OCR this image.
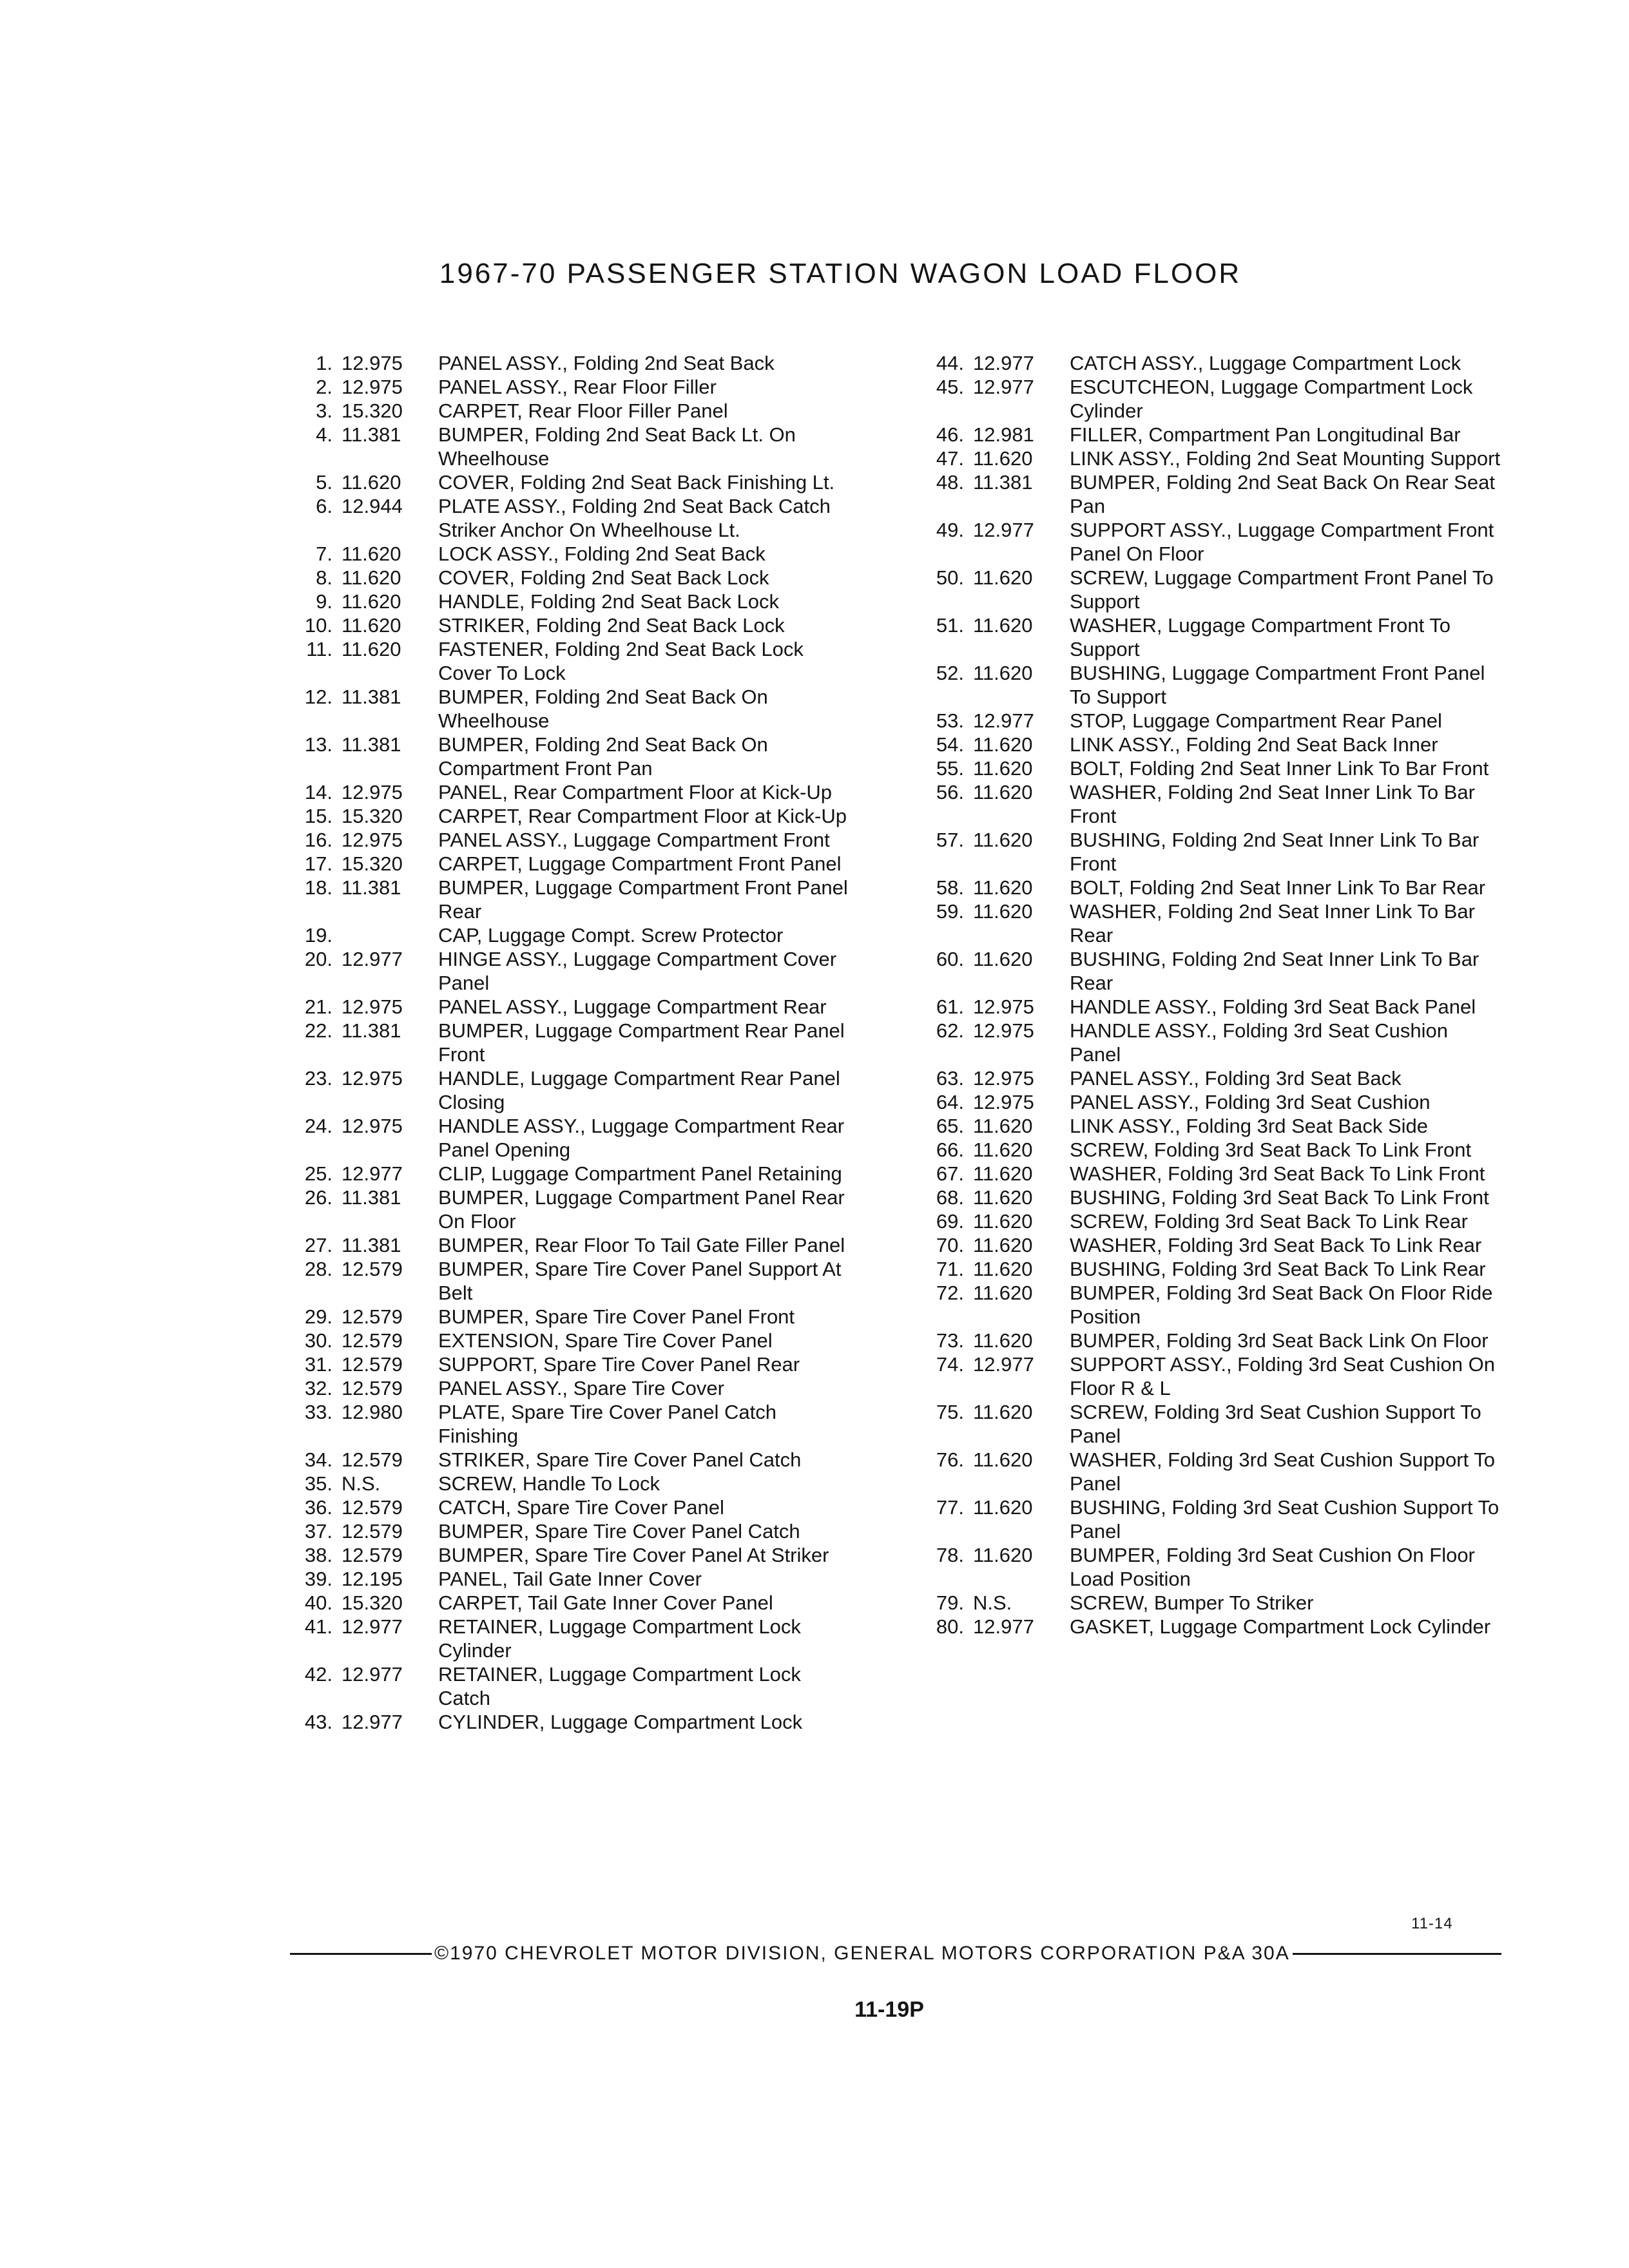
1967-70 PASSENGER STATION WAGON LOAD FLOOR
1. 12.975	PANEL ASSY., Folding 2nd Seat Back
2. 12.975	PANEL ASSY., Rear Floor Filler
3. 15.320	CARPET, Rear Floor Filler Panel
4. 11.381	BUMPER, Folding 2nd Seat Back Lt. On Wheelhouse
5. 11.620	COVER, Folding 2nd Seat Back Finishing Lt.
6. 12.944	PLATE ASSY., Folding 2nd Seat Back Catch Striker Anchor On Wheelhouse Lt.
7. 11.620	LOCK ASSY., Folding 2nd Seat Back
8. 11.620	COVER, Folding 2nd Seat Back Lock
9. 11.620	HANDLE, Folding 2nd Seat Back Lock
10. 11.620	STRIKER, Folding 2nd Seat Back Lock
11. 11.620	FASTENER, Folding 2nd Seat Back Lock Cover To Lock
12. 11.381	BUMPER, Folding 2nd Seat Back On Wheelhouse
13. 11.381	BUMPER, Folding 2nd Seat Back On Compartment Front Pan
14. 12.975	PANEL, Rear Compartment Floor at Kick-Up
15. 15.320	CARPET, Rear Compartment Floor at Kick-Up
16. 12.975	PANEL ASSY., Luggage Compartment Front
17. 15.320	CARPET, Luggage Compartment Front Panel
18. 11.381	BUMPER, Luggage Compartment Front Panel Rear
19.	CAP, Luggage Compt. Screw Protector
20. 12.977	HINGE ASSY., Luggage Compartment Cover Panel
21. 12.975	PANEL ASSY., Luggage Compartment Rear
22. 11.381	BUMPER, Luggage Compartment Rear Panel Front
23. 12.975	HANDLE, Luggage Compartment Rear Panel Closing
24. 12.975	HANDLE ASSY., Luggage Compartment Rear Panel Opening
25. 12.977	CLIP, Luggage Compartment Panel Retaining
26. 11.381	BUMPER, Luggage Compartment Panel Rear On Floor
27. 11.381	BUMPER, Rear Floor To Tail Gate Filler Panel
28. 12.579	BUMPER, Spare Tire Cover Panel Support At Belt
29. 12.579	BUMPER, Spare Tire Cover Panel Front
30. 12.579	EXTENSION, Spare Tire Cover Panel
31. 12.579	SUPPORT, Spare Tire Cover Panel Rear
32. 12.579	PANEL ASSY., Spare Tire Cover
33. 12.980	PLATE, Spare Tire Cover Panel Catch Finishing
34. 12.579	STRIKER, Spare Tire Cover Panel Catch
35. N.S.	SCREW, Handle To Lock
36. 12.579	CATCH, Spare Tire Cover Panel
37. 12.579	BUMPER, Spare Tire Cover Panel Catch
38. 12.579	BUMPER, Spare Tire Cover Panel At Striker
39. 12.195	PANEL, Tail Gate Inner Cover
40. 15.320	CARPET, Tail Gate Inner Cover Panel
41. 12.977	RETAINER, Luggage Compartment Lock Cylinder
42. 12.977	RETAINER, Luggage Compartment Lock Catch
43. 12.977	CYLINDER, Luggage Compartment Lock
44. 12.977	CATCH ASSY., Luggage Compartment Lock
45. 12.977	ESCUTCHEON, Luggage Compartment Lock Cylinder
46. 12.981	FILLER, Compartment Pan Longitudinal Bar
47. 11.620	LINK ASSY., Folding 2nd Seat Mounting Support
48. 11.381	BUMPER, Folding 2nd Seat Back On Rear Seat Pan
49. 12.977	SUPPORT ASSY., Luggage Compartment Front Panel On Floor
50. 11.620	SCREW, Luggage Compartment Front Panel To Support
51. 11.620	WASHER, Luggage Compartment Front To Support
52. 11.620	BUSHING, Luggage Compartment Front Panel To Support
53. 12.977	STOP, Luggage Compartment Rear Panel
54. 11.620	LINK ASSY., Folding 2nd Seat Back Inner
55. 11.620	BOLT, Folding 2nd Seat Inner Link To Bar Front
56. 11.620	WASHER, Folding 2nd Seat Inner Link To Bar Front
57. 11.620	BUSHING, Folding 2nd Seat Inner Link To Bar Front
58. 11.620	BOLT, Folding 2nd Seat Inner Link To Bar Rear
59. 11.620	WASHER, Folding 2nd Seat Inner Link To Bar Rear
60. 11.620	BUSHING, Folding 2nd Seat Inner Link To Bar Rear
61. 12.975	HANDLE ASSY., Folding 3rd Seat Back Panel
62. 12.975	HANDLE ASSY., Folding 3rd Seat Cushion Panel
63. 12.975	PANEL ASSY., Folding 3rd Seat Back
64. 12.975	PANEL ASSY., Folding 3rd Seat Cushion
65. 11.620	LINK ASSY., Folding 3rd Seat Back Side
66. 11.620	SCREW, Folding 3rd Seat Back To Link Front
67. 11.620	WASHER, Folding 3rd Seat Back To Link Front
68. 11.620	BUSHING, Folding 3rd Seat Back To Link Front
69. 11.620	SCREW, Folding 3rd Seat Back To Link Rear
70. 11.620	WASHER, Folding 3rd Seat Back To Link Rear
71. 11.620	BUSHING, Folding 3rd Seat Back To Link Rear
72. 11.620	BUMPER, Folding 3rd Seat Back On Floor Ride Position
73. 11.620	BUMPER, Folding 3rd Seat Back Link On Floor
74. 12.977	SUPPORT ASSY., Folding 3rd Seat Cushion On Floor R & L
75. 11.620	SCREW, Folding 3rd Seat Cushion Support To Panel
76. 11.620	WASHER, Folding 3rd Seat Cushion Support To Panel
77. 11.620	BUSHING, Folding 3rd Seat Cushion Support To Panel
78. 11.620	BUMPER, Folding 3rd Seat Cushion On Floor Load Position
79. N.S.	SCREW, Bumper To Striker
80. 12.977	GASKET, Luggage Compartment Lock Cylinder
11-14
©1970 CHEVROLET MOTOR DIVISION, GENERAL MOTORS CORPORATION P&A 30A
11-19P
